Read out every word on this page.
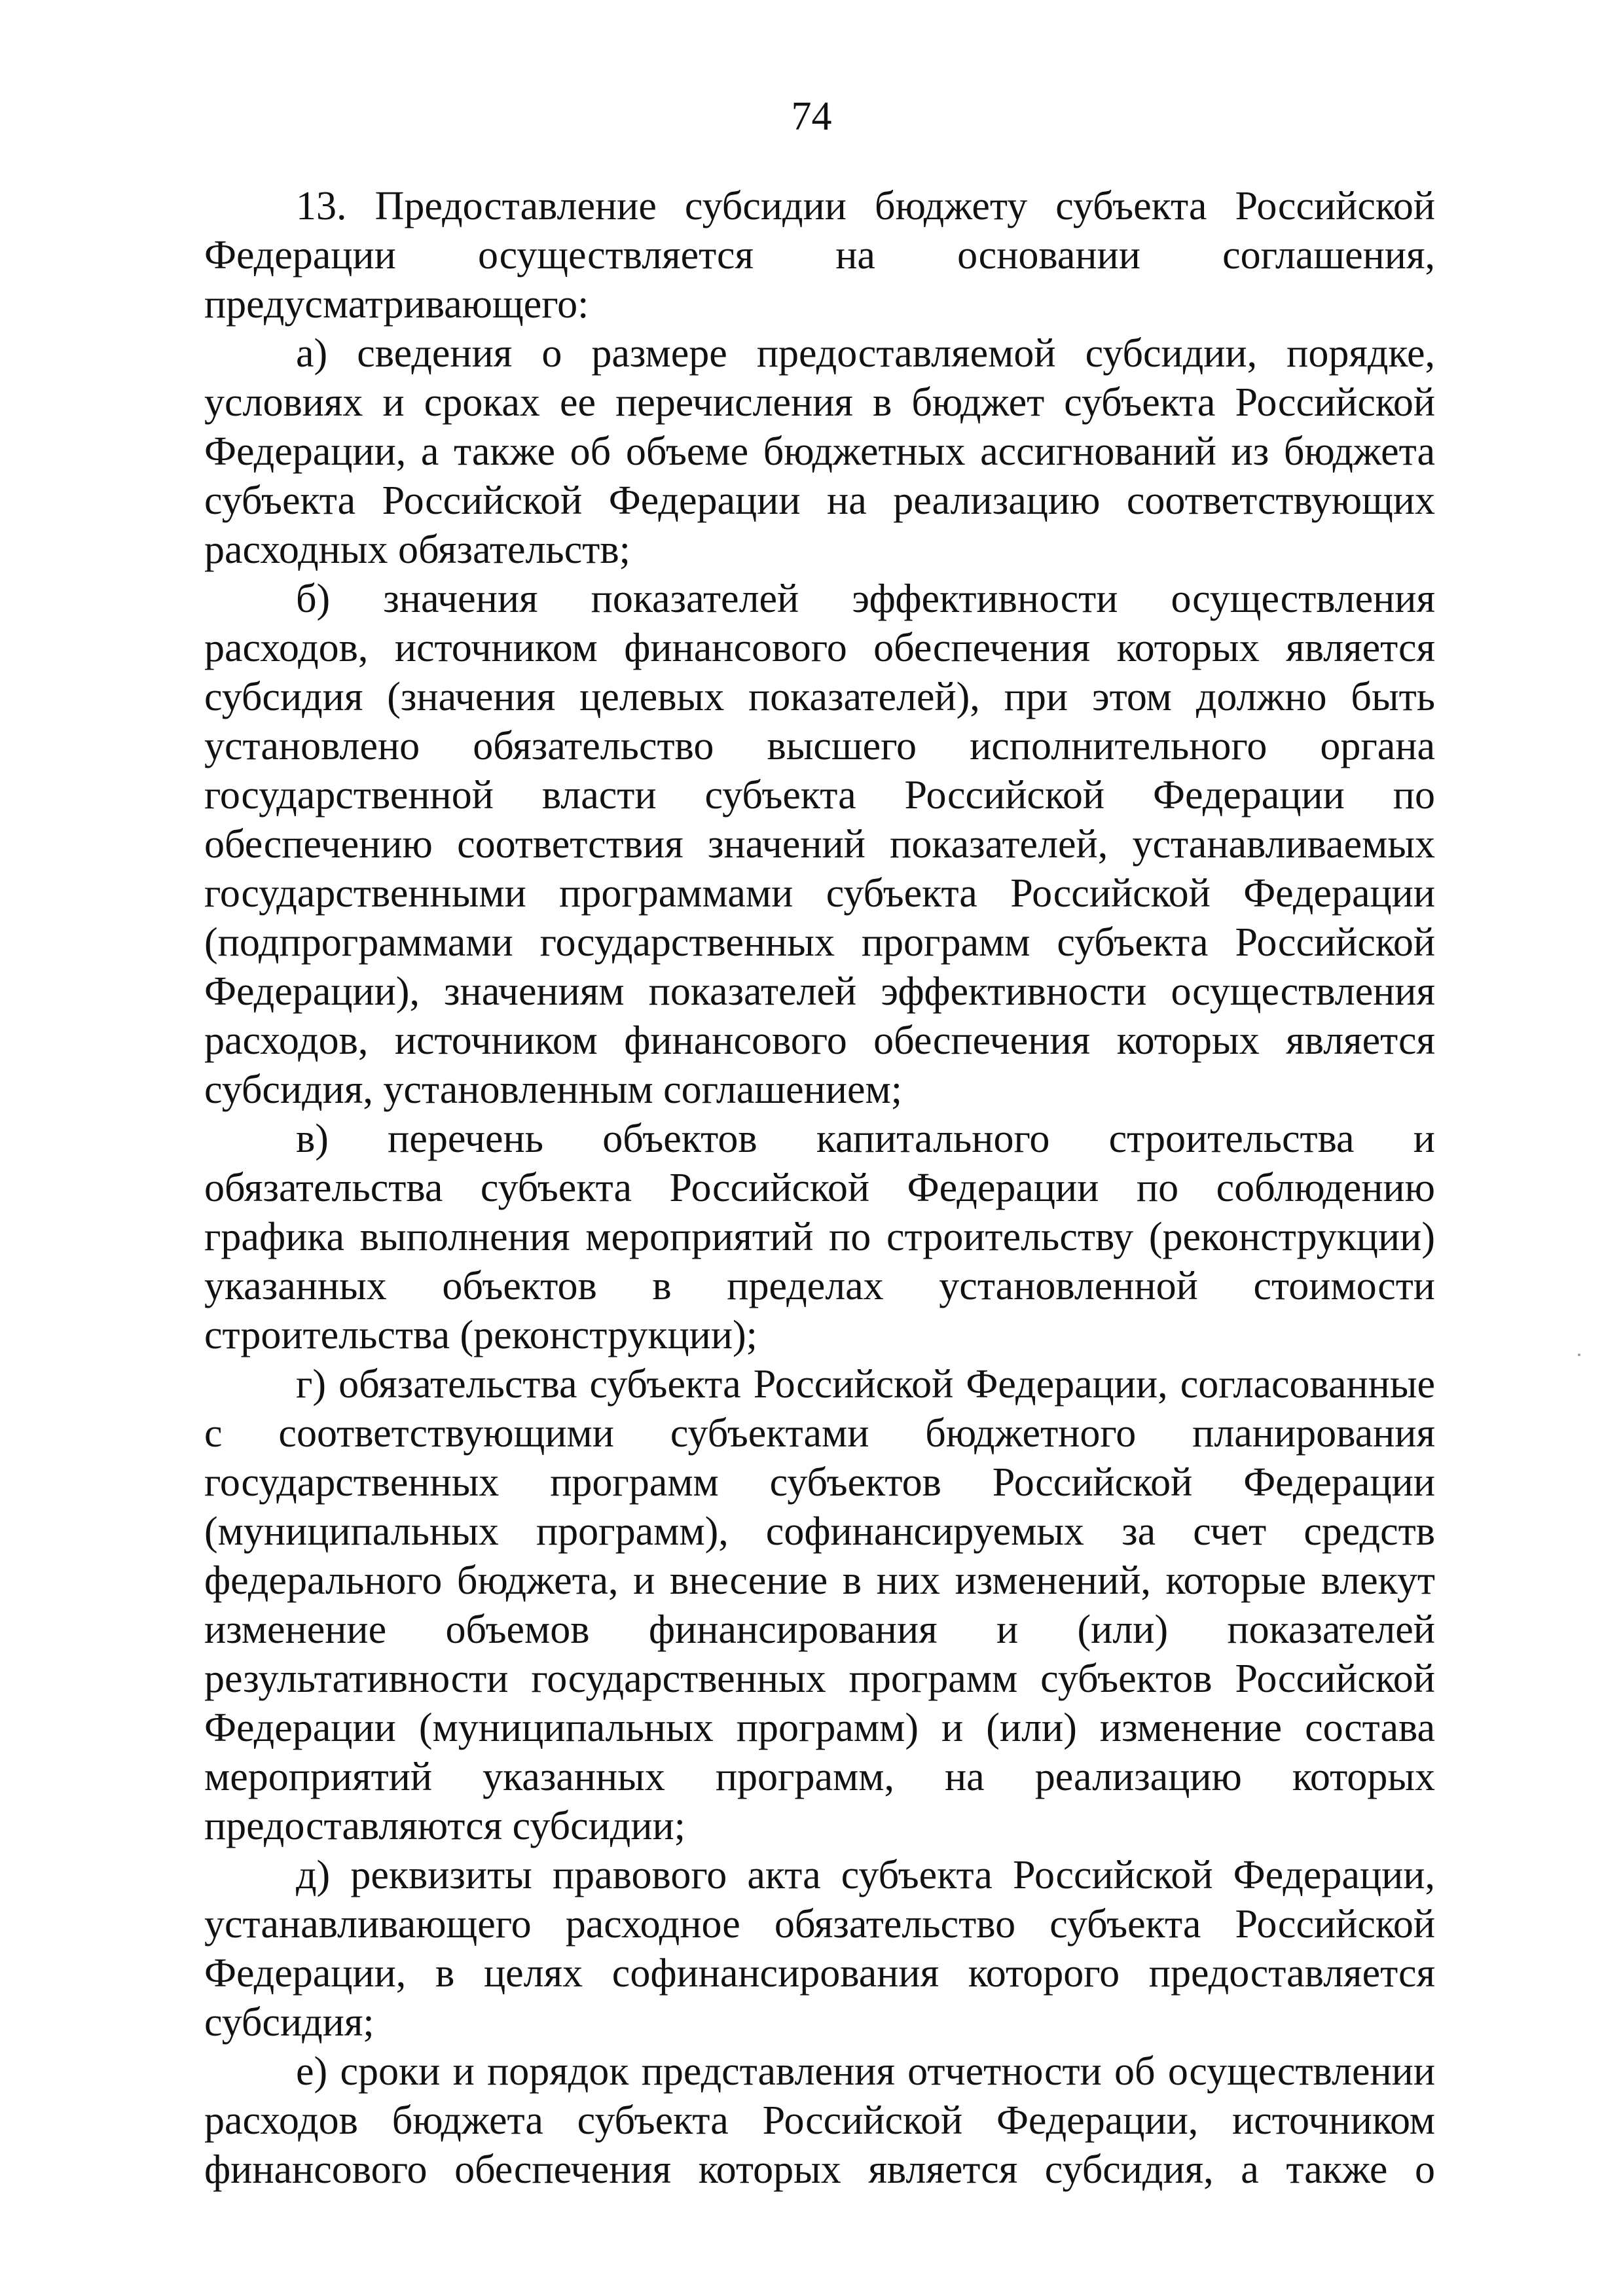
74

13. Предоставление субсидии бюджету субъекта Российской Федерации осуществляется на основании соглашения, предусматривающего:

а) сведения о размере предоставляемой субсидии, порядке, условиях и сроках ее перечисления в бюджет субъекта Российской Федерации, а также об объеме бюджетных ассигнований из бюджета субъекта Российской Федерации на реализацию соответствующих расходных обязательств;

б) значения показателей эффективности осуществления расходов, источником финансового обеспечения которых является субсидия (значения целевых показателей), при этом должно быть установлено обязательство высшего исполнительного органа государственной власти субъекта Российской Федерации по обеспечению соответствия значений показателей, устанавливаемых государственными программами субъекта Российской Федерации (подпрограммами государственных программ субъекта Российской Федерации), значениям показателей эффективности осуществления расходов, источником финансового обеспечения которых является субсидия, установленным соглашением;

в) перечень объектов капитального строительства и обязательства субъекта Российской Федерации по соблюдению графика выполнения мероприятий по строительству (реконструкции) указанных объектов в пределах установленной стоимости строительства (реконструкции);

г) обязательства субъекта Российской Федерации, согласованные с соответствующими субъектами бюджетного планирования государственных программ субъектов Российской Федерации (муниципальных программ), софинансируемых за счет средств федерального бюджета, и внесение в них изменений, которые влекут изменение объемов финансирования и (или) показателей результативности государственных программ субъектов Российской Федерации (муниципальных программ) и (или) изменение состава мероприятий указанных программ, на реализацию которых предоставляются субсидии;

д) реквизиты правового акта субъекта Российской Федерации, устанавливающего расходное обязательство субъекта Российской Федерации, в целях софинансирования которого предоставляется субсидия;

е) сроки и порядок представления отчетности об осуществлении расходов бюджета субъекта Российской Федерации, источником финансового обеспечения которых является субсидия, а также о
